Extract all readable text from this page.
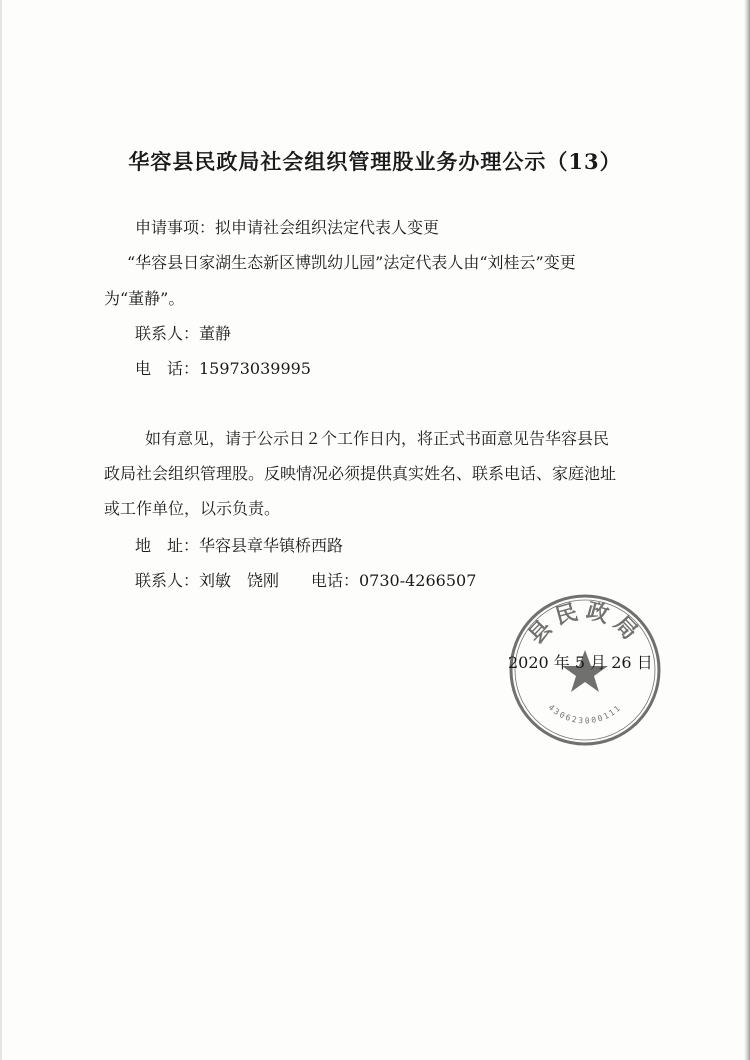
华容县民政局社会组织管理股业务办理公示（13）
申请事项：拟申请社会组织法定代表人变更
“华容县日家湖生态新区博凯幼儿园”法定代表人由“刘桂云”变更
为“董静”。
联系人：董静
电　话：15973039995
如有意见，请于公示日２个工作日内，将正式书面意见告华容县民
政局社会组织管理股。反映情况必须提供真实姓名、联系电话、家庭池址
或工作单位，以示负责。
地　址：华容县章华镇桥西路
联系人：刘敏　饶刚　　电话：0730-4266507
县民政局
430623000111
2020 年 5 月 26 日
